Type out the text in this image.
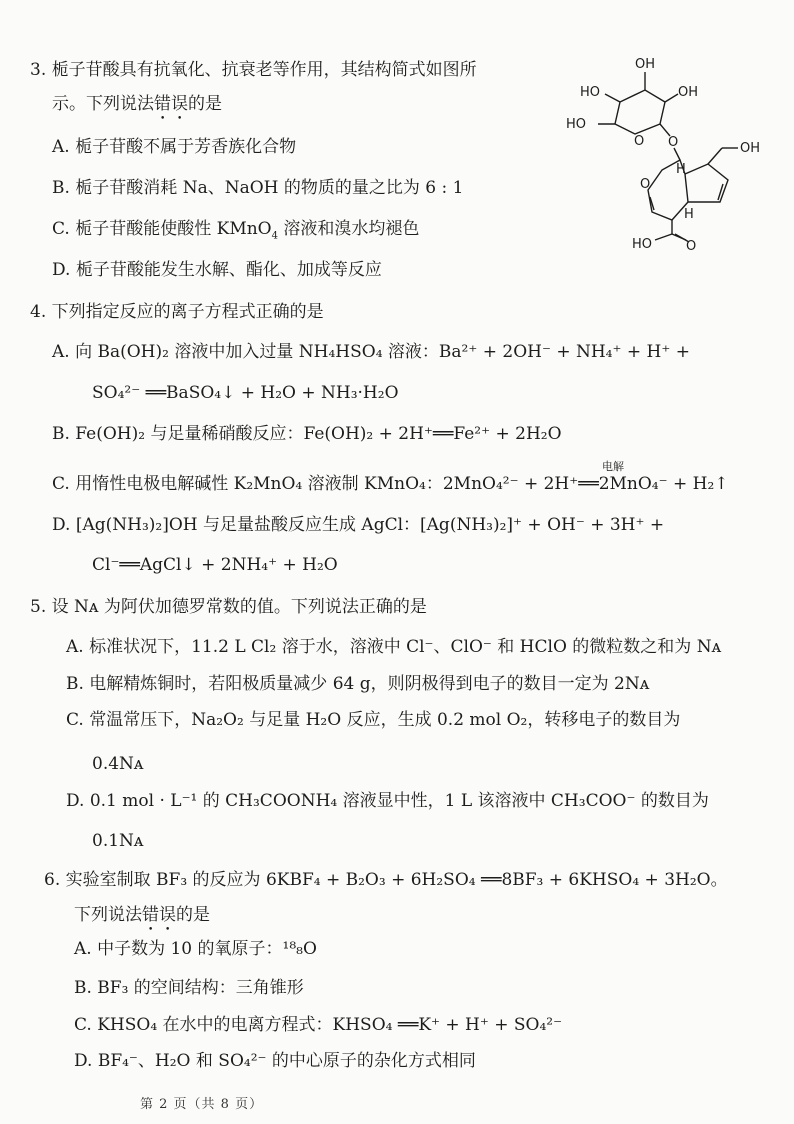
3. 栀子苷酸具有抗氧化、抗衰老等作用，其结构简式如图所
示。下列说法错误的是
A. 栀子苷酸不属于芳香族化合物
B. 栀子苷酸消耗 Na、NaOH 的物质的量之比为 6 : 1
C. 栀子苷酸能使酸性 KMnO$_4$ 溶液和溴水均褪色
D. 栀子苷酸能发生水解、酯化、加成等反应
OH
HO	OH
HO
O O	OH
H
O
H
O
HO
4. 下列指定反应的离子方程式正确的是
A. 向 Ba(OH)₂ 溶液中加入过量 NH₄HSO₄ 溶液：Ba²⁺ + 2OH⁻ + NH₄⁺ + H⁺ +
SO₄²⁻ ══BaSO₄↓ + H₂O + NH₃·H₂O
B. Fe(OH)₂ 与足量稀硝酸反应：Fe(OH)₂ + 2H⁺══Fe²⁺ + 2H₂O
C. 用惰性电极电解碱性 K₂MnO₄ 溶液制 KMnO₄：2MnO₄²⁻ + 2H⁺══2MnO₄⁻ + H₂↑
电解
D. [Ag(NH₃)₂]OH 与足量盐酸反应生成 AgCl：[Ag(NH₃)₂]⁺ + OH⁻ + 3H⁺ +
Cl⁻══AgCl↓ + 2NH₄⁺ + H₂O
5. 设 Nᴀ 为阿伏加德罗常数的值。下列说法正确的是
A. 标准状况下，11.2 L Cl₂ 溶于水，溶液中 Cl⁻、ClO⁻ 和 HClO 的微粒数之和为 Nᴀ
B. 电解精炼铜时，若阳极质量减少 64 g，则阴极得到电子的数目一定为 2Nᴀ
C. 常温常压下，Na₂O₂ 与足量 H₂O 反应，生成 0.2 mol O₂，转移电子的数目为
0.4Nᴀ
D. 0.1 mol · L⁻¹ 的 CH₃COONH₄ 溶液显中性，1 L 该溶液中 CH₃COO⁻ 的数目为
0.1Nᴀ
6. 实验室制取 BF₃ 的反应为 6KBF₄ + B₂O₃ + 6H₂SO₄ ══8BF₃ + 6KHSO₄ + 3H₂O。
下列说法错误的是
A. 中子数为 10 的氧原子：¹⁸₈O
B. BF₃ 的空间结构：三角锥形
C. KHSO₄ 在水中的电离方程式：KHSO₄ ══K⁺ + H⁺ + SO₄²⁻
D. BF₄⁻、H₂O 和 SO₄²⁻ 的中心原子的杂化方式相同
第 2 页（共 8 页）
